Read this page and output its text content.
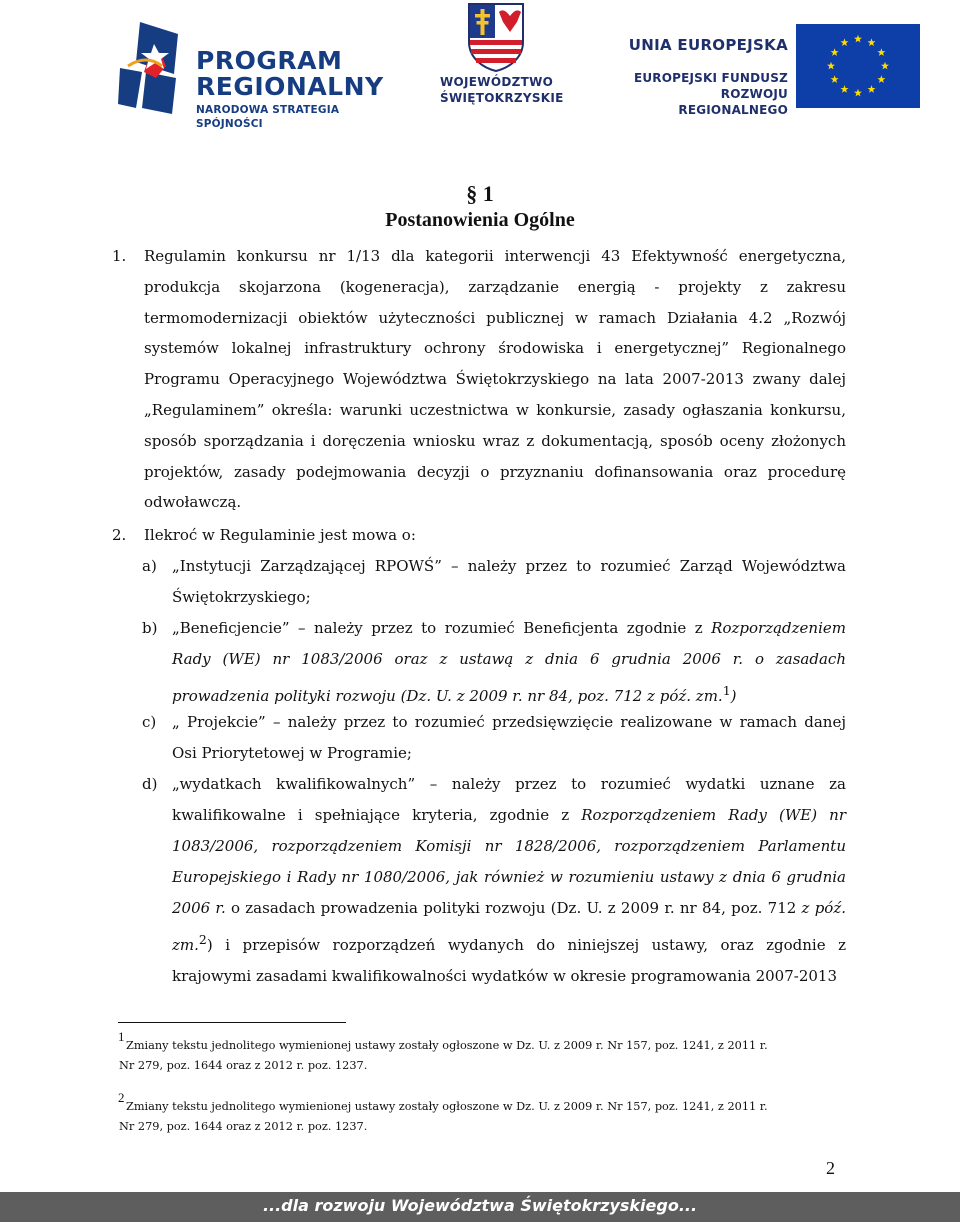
PROGRAM
REGIONALNY
NARODOWA STRATEGIA SPÓJNOŚCI
WOJEWÓDZTWO
ŚWIĘTOKRZYSKIE
UNIA EUROPEJSKA
EUROPEJSKI FUNDUSZ
ROZWOJU REGIONALNEGO
§ 1
Postanowienia Ogólne
1. Regulamin konkursu nr 1/13 dla kategorii interwencji 43 Efektywność energetyczna, produkcja skojarzona (kogeneracja), zarządzanie energią - projekty z zakresu termomodernizacji obiektów użyteczności publicznej w ramach Działania 4.2 „Rozwój systemów lokalnej infrastruktury ochrony środowiska i energetycznej” Regionalnego Programu Operacyjnego Województwa Świętokrzyskiego na lata 2007-2013 zwany dalej „Regulaminem” określa: warunki uczestnictwa w konkursie, zasady ogłaszania konkursu, sposób sporządzania i doręczenia wniosku wraz z dokumentacją, sposób oceny złożonych projektów, zasady podejmowania decyzji o przyznaniu dofinansowania oraz procedurę odwoławczą.
2. Ilekroć w Regulaminie jest mowa o:
a) „Instytucji Zarządzającej RPOWŚ” – należy przez to rozumieć Zarząd Województwa Świętokrzyskiego;
b) „Beneficjencie” – należy przez to rozumieć Beneficjenta zgodnie z Rozporządzeniem Rady (WE) nr 1083/2006 oraz z ustawą z dnia 6 grudnia 2006 r. o zasadach prowadzenia polityki rozwoju (Dz. U. z 2009 r. nr 84, poz. 712 z póź. zm.$^1$)
c) „ Projekcie” – należy przez to rozumieć przedsięwzięcie realizowane w ramach danej Osi Priorytetowej w Programie;
d) „wydatkach kwalifikowalnych” – należy przez to rozumieć wydatki uznane za kwalifikowalne i spełniające kryteria, zgodnie z Rozporządzeniem Rady (WE) nr 1083/2006, rozporządzeniem Komisji nr 1828/2006, rozporządzeniem Parlamentu Europejskiego i Rady nr 1080/2006, jak również w rozumieniu ustawy z dnia 6 grudnia 2006 r. o zasadach prowadzenia polityki rozwoju (Dz. U. z 2009 r. nr 84, poz. 712 z póź. zm.$^2$) i przepisów rozporządzeń wydanych do niniejszej ustawy, oraz zgodnie z krajowymi zasadami kwalifikowalności wydatków w okresie programowania 2007-2013
1
Zmiany tekstu jednolitego wymienionej ustawy zostały ogłoszone w Dz. U. z 2009 r. Nr 157, poz. 1241, z 2011 r.
Nr 279, poz. 1644 oraz z 2012 r. poz. 1237.
2
Zmiany tekstu jednolitego wymienionej ustawy zostały ogłoszone w Dz. U. z 2009 r. Nr 157, poz. 1241, z 2011 r.
Nr 279, poz. 1644 oraz z 2012 r. poz. 1237.
2
...dla rozwoju Województwa Świętokrzyskiego...
